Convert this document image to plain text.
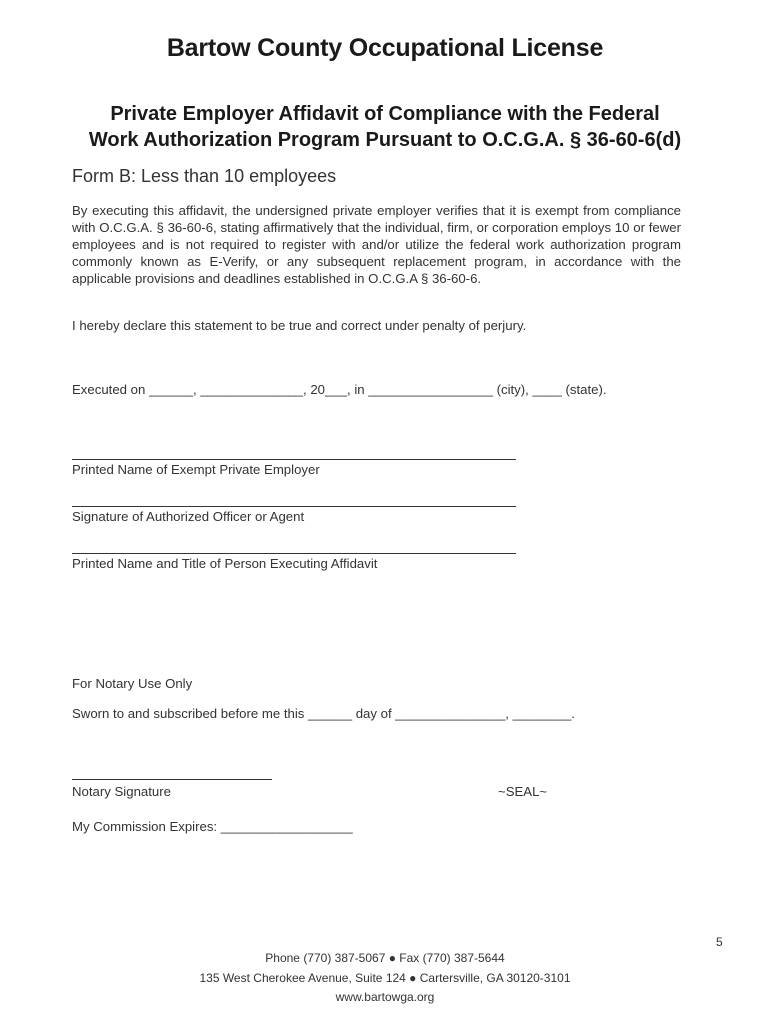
Bartow County Occupational License
Private Employer Affidavit of Compliance with the Federal
Work Authorization Program Pursuant to O.C.G.A. § 36-60-6(d)
Form B: Less than 10 employees

By executing this affidavit, the undersigned private employer verifies that it is exempt from compliance with O.C.G.A. § 36-60-6, stating affirmatively that the individual, firm, or corporation employs 10 or fewer employees and is not required to register with and/or utilize the federal work authorization program commonly known as E-Verify, or any subsequent replacement program, in accordance with the applicable provisions and deadlines established in O.C.G.A § 36-60-6.

I hereby declare this statement to be true and correct under penalty of perjury.
Executed on ______, ______________, 20___, in _________________ (city), ____ (state).
Printed Name of Exempt Private Employer
Signature of Authorized Officer or Agent
Printed Name and Title of Person Executing Affidavit
For Notary Use Only
Sworn to and subscribed before me this ______ day of _______________, ________.
Notary Signature	~SEAL~
My Commission Expires: __________________
5
Phone (770) 387-5067 ● Fax (770) 387-5644
135 West Cherokee Avenue, Suite 124 ● Cartersville, GA 30120-3101
www.bartowga.org
